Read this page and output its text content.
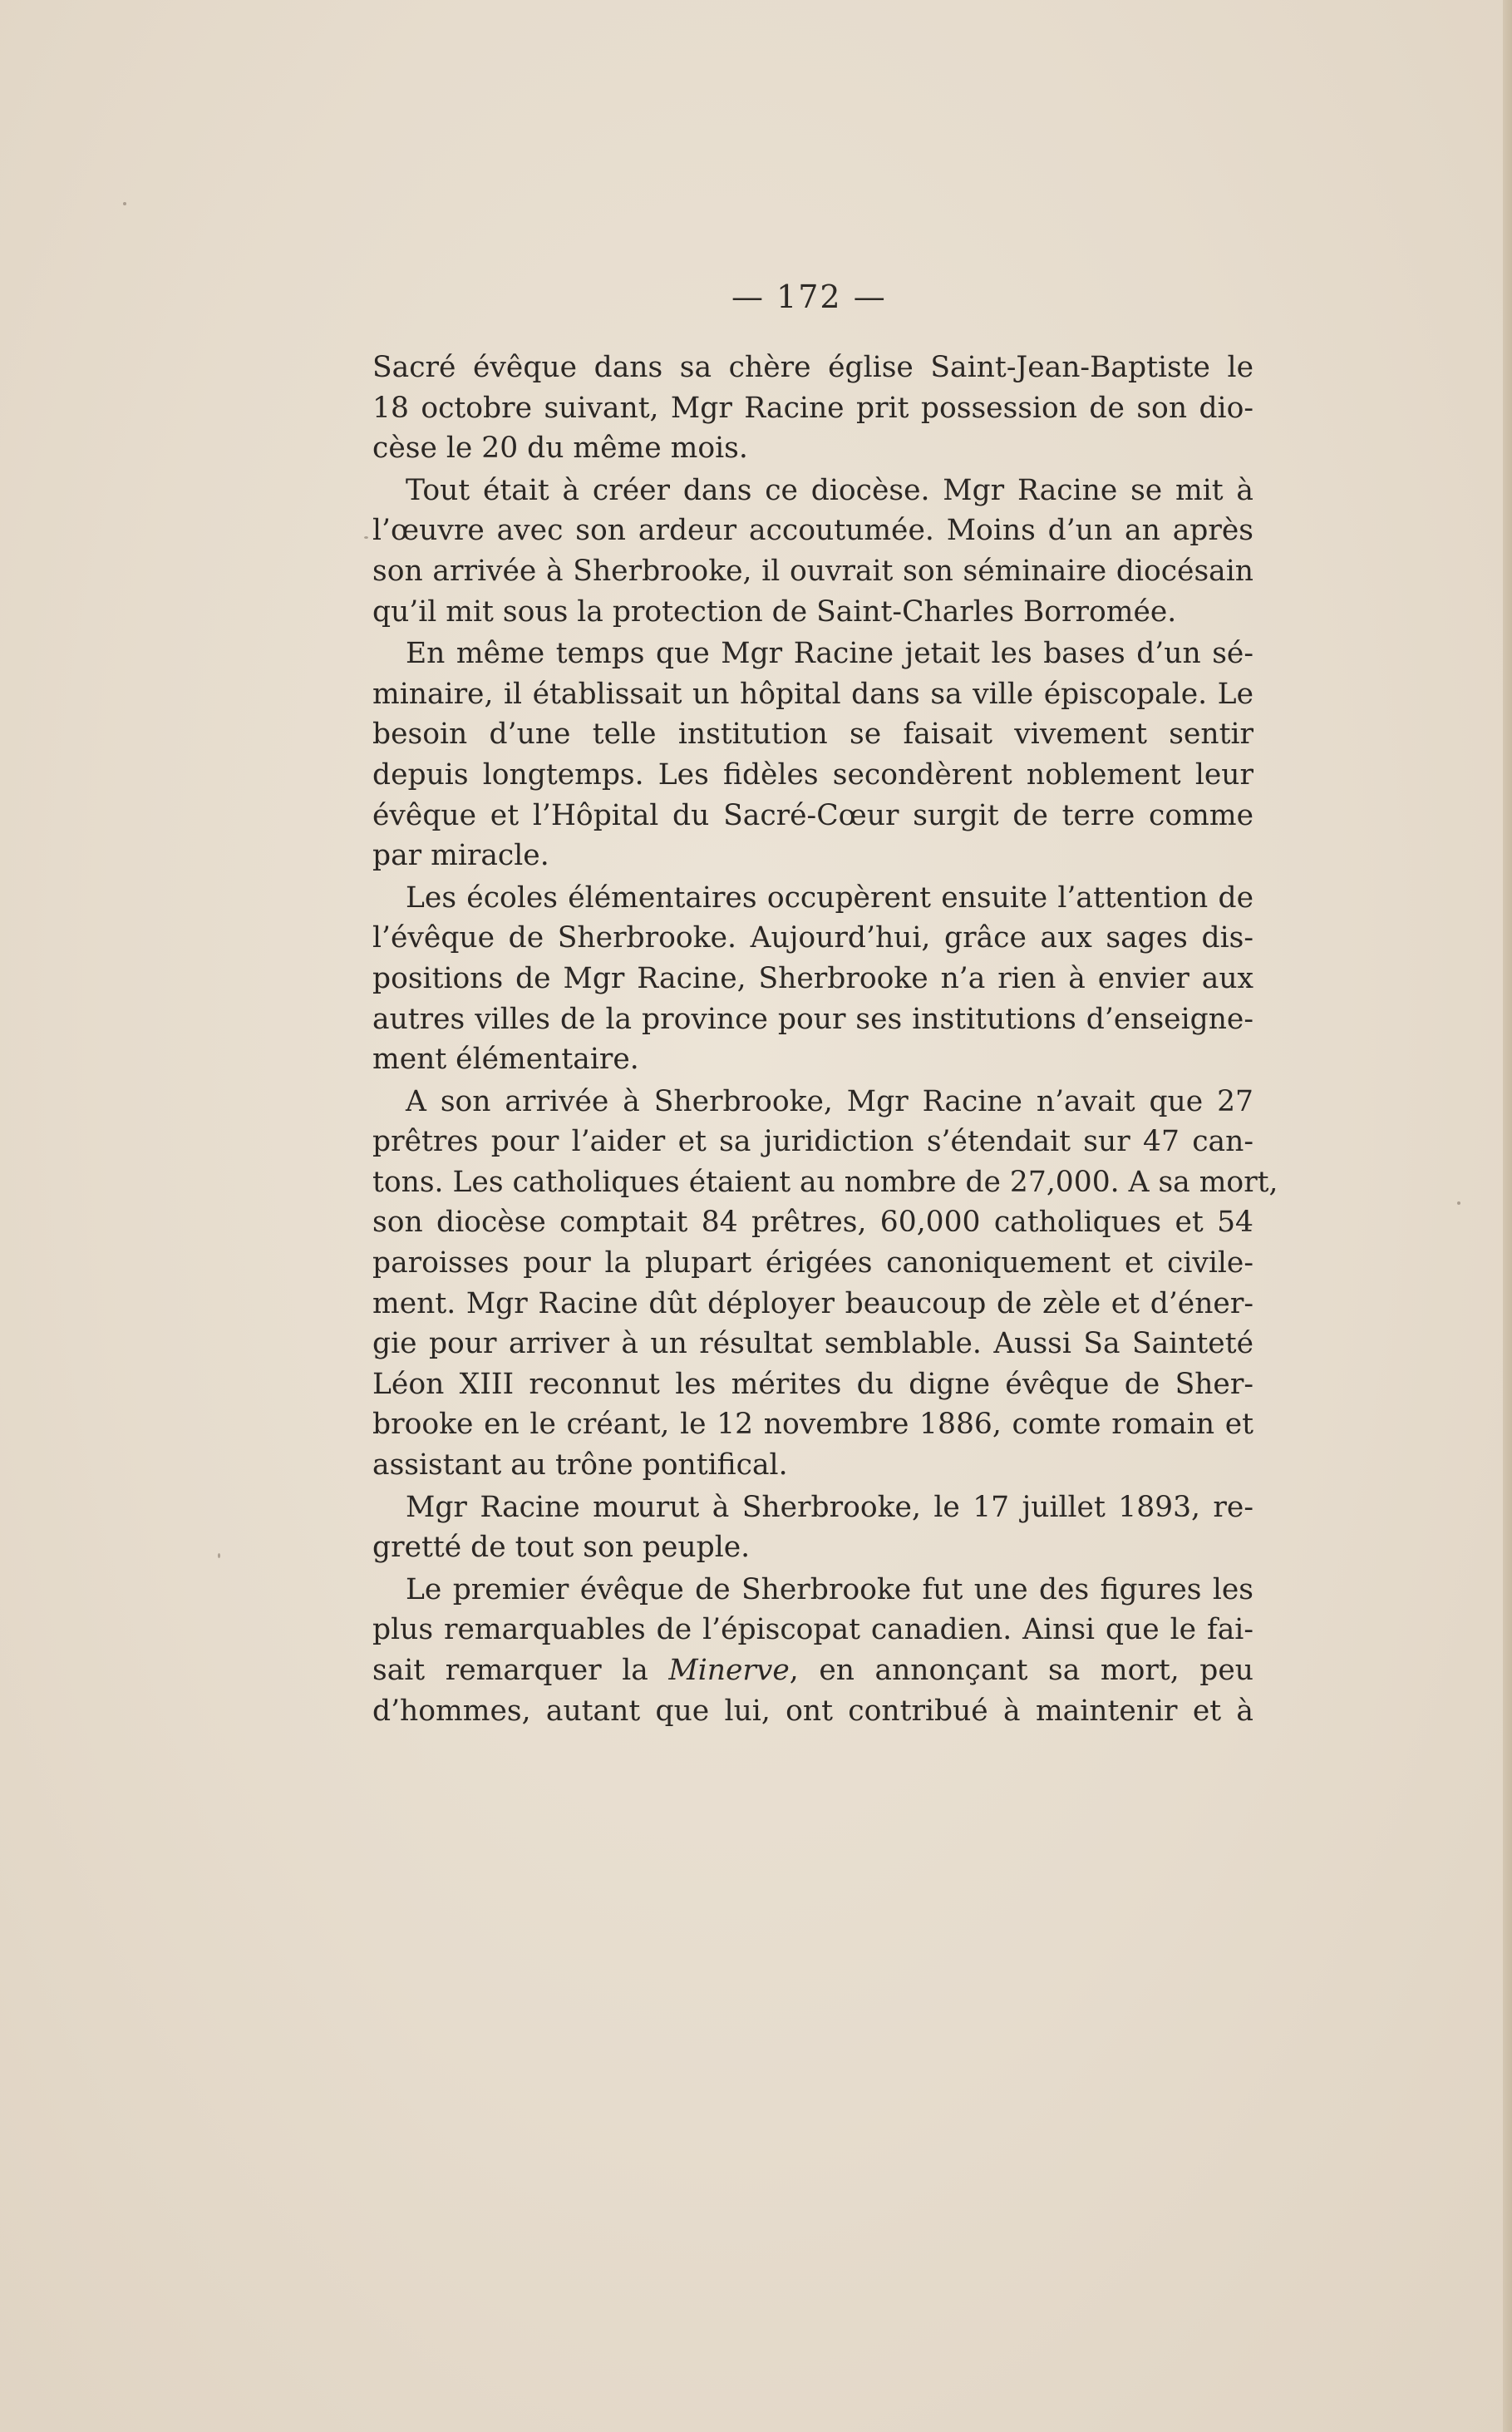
— 172 —
Sacré évêque dans sa chère église Saint-Jean-Baptiste le
18 octobre suivant, Mgr Racine prit possession de son dio-
cèse le 20 du même mois.
Tout était à créer dans ce diocèse. Mgr Racine se mit à
l’œuvre avec son ardeur accoutumée. Moins d’un an après
son arrivée à Sherbrooke, il ouvrait son séminaire diocésain
qu’il mit sous la protection de Saint-Charles Borromée.
En même temps que Mgr Racine jetait les bases d’un sé-
minaire, il établissait un hôpital dans sa ville épiscopale. Le
besoin d’une telle institution se faisait vivement sentir
depuis longtemps. Les fidèles secondèrent noblement leur
évêque et l’Hôpital du Sacré-Cœur surgit de terre comme
par miracle.
Les écoles élémentaires occupèrent ensuite l’attention de
l’évêque de Sherbrooke. Aujourd’hui, grâce aux sages dis-
positions de Mgr Racine, Sherbrooke n’a rien à envier aux
autres villes de la province pour ses institutions d’enseigne-
ment élémentaire.
A son arrivée à Sherbrooke, Mgr Racine n’avait que 27
prêtres pour l’aider et sa juridiction s’étendait sur 47 can-
tons. Les catholiques étaient au nombre de 27,000. A sa mort,
son diocèse comptait 84 prêtres, 60,000 catholiques et 54
paroisses pour la plupart érigées canoniquement et civile-
ment. Mgr Racine dût déployer beaucoup de zèle et d’éner-
gie pour arriver à un résultat semblable. Aussi Sa Sainteté
Léon XIII reconnut les mérites du digne évêque de Sher-
brooke en le créant, le 12 novembre 1886, comte romain et
assistant au trône pontifical.
Mgr Racine mourut à Sherbrooke, le 17 juillet 1893, re-
gretté de tout son peuple.
Le premier évêque de Sherbrooke fut une des figures les
plus remarquables de l’épiscopat canadien. Ainsi que le fai-
sait remarquer la Minerve, en annonçant sa mort, peu
d’hommes, autant que lui, ont contribué à maintenir et à
